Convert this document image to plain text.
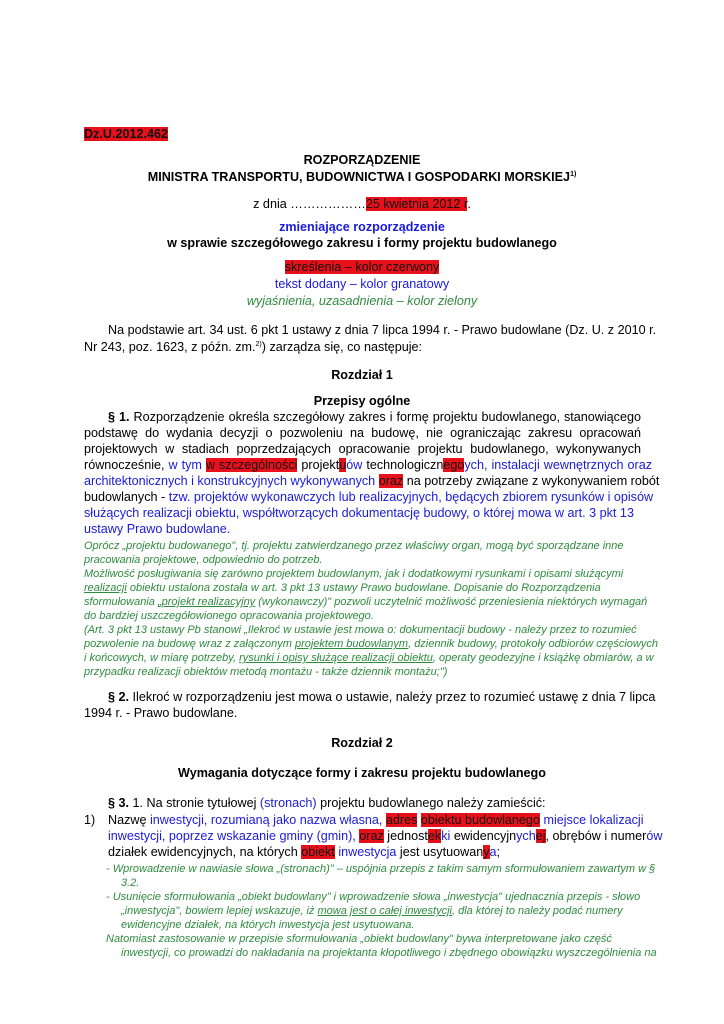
Dz.U.2012.462
ROZPORZĄDZENIE
MINISTRA TRANSPORTU, BUDOWNICTWA I GOSPODARKI MORSKIEJ$^{1)}$
z dnia ………………25 kwietnia 2012 r.
zmieniające rozporządzenie
w sprawie szczegółowego zakresu i formy projektu budowlanego
skreślenia – kolor czerwony
tekst dodany – kolor granatowy
wyjaśnienia, uzasadnienia – kolor zielony
Na podstawie art. 34 ust. 6 pkt 1 ustawy z dnia 7 lipca 1994 r. - Prawo budowlane (Dz. U. z 2010 r.
Nr 243, poz. 1623, z późn. zm.$^{2)}$) zarządza się, co następuje:
Rozdział 1
Przepisy ogólne
§ 1. Rozporządzenie określa szczegółowy zakres i formę projektu budowlanego, stanowiącego
podstawę do wydania decyzji o pozwoleniu na budowę, nie ograniczając zakresu opracowań
projektowych w stadiach poprzedzających opracowanie projektu budowlanego, wykonywanych
równocześnie, w tym w szczególności projektuów technologicznegoych, instalacji wewnętrznych oraz
architektonicznych i konstrukcyjnych wykonywanych oraz na potrzeby związane z wykonywaniem robót
budowlanych - tzw. projektów wykonawczych lub realizacyjnych, będących zbiorem rysunków i opisów
służących realizacji obiektu, współtworzących dokumentację budowy, o której mowa w art. 3 pkt 13
ustawy Prawo budowlane.
Oprócz „projektu budowanego", tj. projektu zatwierdzanego przez właściwy organ, mogą być sporządzane inne
pracowania projektowe, odpowiednio do potrzeb.
Możliwość posługiwania się zarówno projektem budowlanym, jak i dodatkowymi rysunkami i opisami służącymi
realizacji obiektu ustalona została w art. 3 pkt 13 ustawy Prawo budowlane. Dopisanie do Rozporządzenia
sformułowania „projekt realizacyjny (wykonawczy)" pozwoli uczytelnić możliwość przeniesienia niektórych wymagań
do bardziej uszczegółowionego opracowania projektowego.
(Art. 3 pkt 13 ustawy Pb stanowi „Ilekroć w ustawie jest mowa o: dokumentacji budowy - należy przez to rozumieć
pozwolenie na budowę wraz z załączonym projektem budowlanym, dziennik budowy, protokoły odbiorów częściowych
i końcowych, w miarę potrzeby, rysunki i opisy służące realizacji obiektu, operaty geodezyjne i książkę obmiarów, a w
przypadku realizacji obiektów metodą montażu - także dziennik montażu;")
§ 2. Ilekroć w rozporządzeniu jest mowa o ustawie, należy przez to rozumieć ustawę z dnia 7 lipca
1994 r. - Prawo budowlane.
Rozdział 2
Wymagania dotyczące formy i zakresu projektu budowlanego
§ 3. 1. Na stronie tytułowej (stronach) projektu budowlanego należy zamieścić:
1) Nazwę inwestycji, rozumianą jako nazwa własna, adres obiektu budowlanego miejsce lokalizacji
inwestycji, poprzez wskazanie gminy (gmin), oraz jednostekki ewidencyjnychej, obrębów i numerów
działek ewidencyjnych, na których obiekt inwestycja jest usytuowanya;
- Wprowadzenie w nawiasie słowa „(stronach)" – uspójnia przepis z takim samym sformułowaniem zawartym w §
3.2.
- Usunięcie sformułowania „obiekt budowlany" i wprowadzenie słowa „inwestycja" ujednacznia przepis - słowo
„inwestycja", bowiem lepiej wskazuje, iż mowa jest o całej inwestycji, dla której to należy podać numery
ewidencyjne działek, na których inwestycja jest usytuowana.
Natomiast zastosowanie w przepisie sformułowania „obiekt budowlany" bywa interpretowane jako część
inwestycji, co prowadzi do nakładania na projektanta kłopotliwego i zbędnego obowiązku wyszczególnienia na
